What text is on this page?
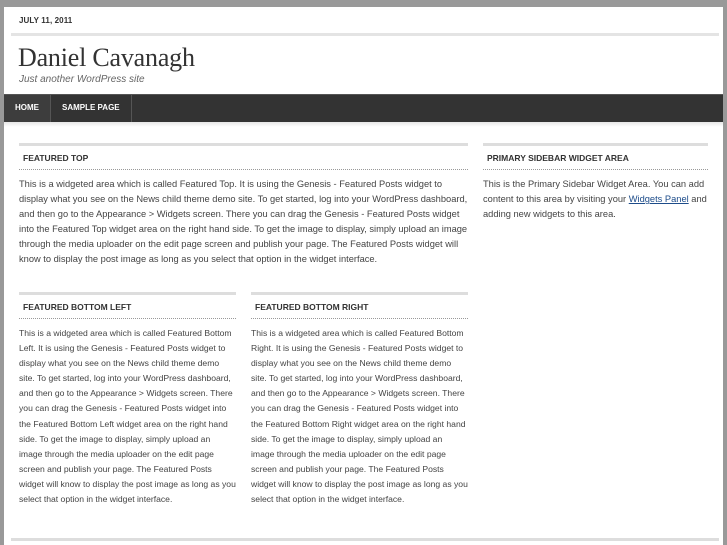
JULY 11, 2011
Daniel Cavanagh
Just another WordPress site
HOME	SAMPLE PAGE
FEATURED TOP
This is a widgeted area which is called Featured Top. It is using the Genesis - Featured Posts widget to display what you see on the News child theme demo site. To get started, log into your WordPress dashboard, and then go to the Appearance > Widgets screen. There you can drag the Genesis - Featured Posts widget into the Featured Top widget area on the right hand side. To get the image to display, simply upload an image through the media uploader on the edit page screen and publish your page. The Featured Posts widget will know to display the post image as long as you select that option in the widget interface.
FEATURED BOTTOM LEFT
This is a widgeted area which is called Featured Bottom Left. It is using the Genesis - Featured Posts widget to display what you see on the News child theme demo site. To get started, log into your WordPress dashboard, and then go to the Appearance > Widgets screen. There you can drag the Genesis - Featured Posts widget into the Featured Bottom Left widget area on the right hand side. To get the image to display, simply upload an image through the media uploader on the edit page screen and publish your page. The Featured Posts widget will know to display the post image as long as you select that option in the widget interface.
FEATURED BOTTOM RIGHT
This is a widgeted area which is called Featured Bottom Right. It is using the Genesis - Featured Posts widget to display what you see on the News child theme demo site. To get started, log into your WordPress dashboard, and then go to the Appearance > Widgets screen. There you can drag the Genesis - Featured Posts widget into the Featured Bottom Right widget area on the right hand side. To get the image to display, simply upload an image through the media uploader on the edit page screen and publish your page. The Featured Posts widget will know to display the post image as long as you select that option in the widget interface.
PRIMARY SIDEBAR WIDGET AREA
This is the Primary Sidebar Widget Area. You can add content to this area by visiting your Widgets Panel and adding new widgets to this area.
